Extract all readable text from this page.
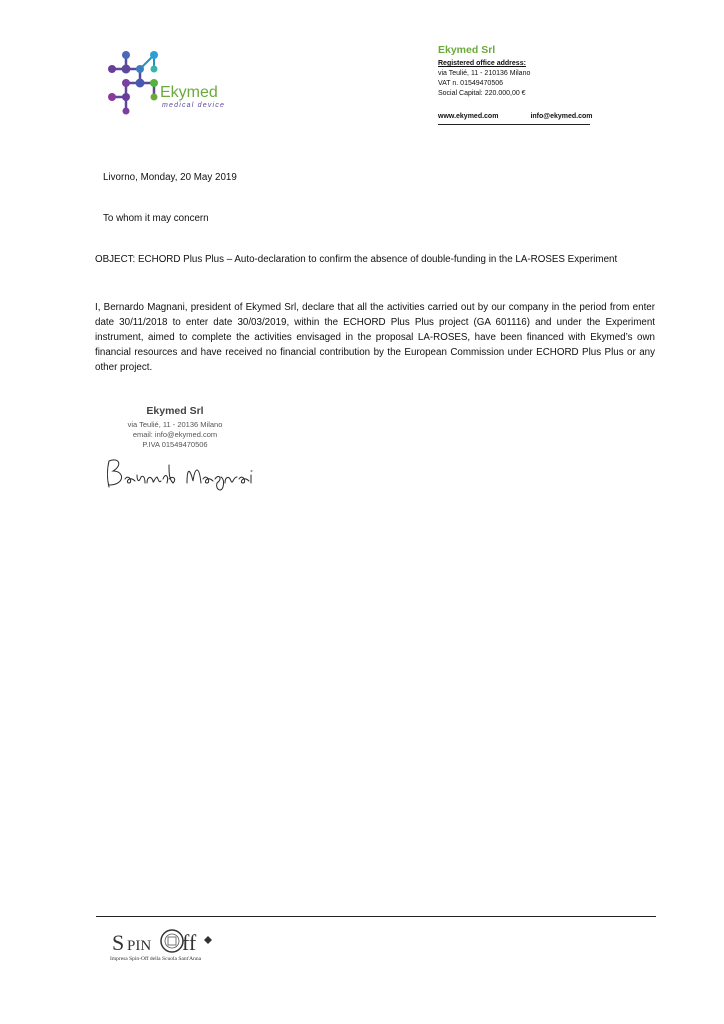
Ekymed
medical device
Ekymed Srl
Registered office address:
via Teulié, 11 - 210136 Milano
VAT n. 01549470506
Social Capital: 220.000,00 €
www.ekymed.com	info@ekymed.com
Livorno, Monday, 20 May 2019
To whom it may concern
OBJECT: ECHORD Plus Plus – Auto-declaration to confirm the absence of double-funding in the LA-ROSES Experiment
I, Bernardo Magnani, president of Ekymed Srl, declare that all the activities carried out by our company in the period from enter date 30/11/2018 to enter date 30/03/2019, within the ECHORD Plus Plus project (GA 601116) and under the Experiment instrument, aimed to complete the activities envisaged in the proposal LA-ROSES, have been financed with Ekymed’s own financial resources and have received no financial contribution by the European Commission under ECHORD Plus Plus or any other project.
Ekymed Srl
via Teulié, 11 - 20136 Milano
email: info@ekymed.com
P.IVA 01549470506
S PIN ff
Impresa Spin-Off della Scuola Sant'Anna
